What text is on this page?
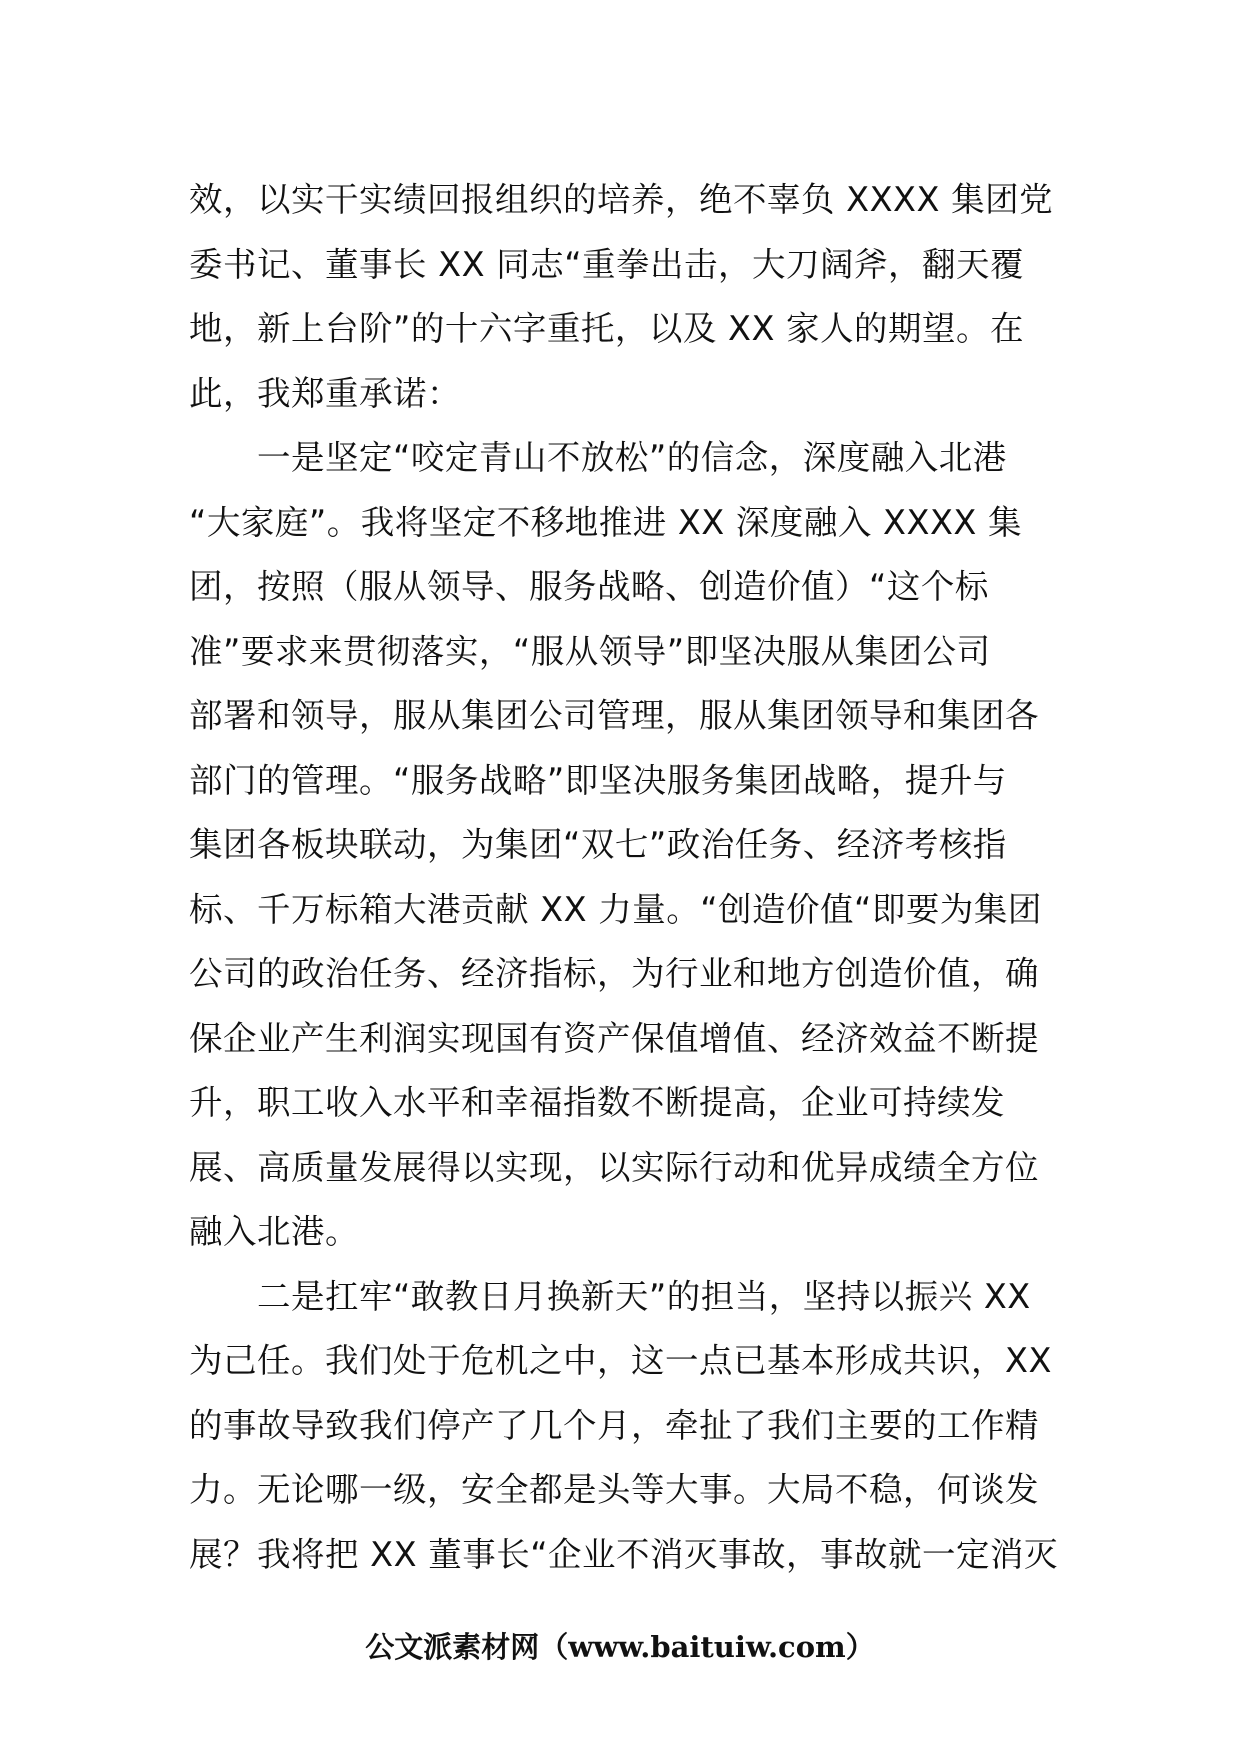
效，以实干实绩回报组织的培养，绝不辜负 XXXX 集团党
委书记、董事长 XX 同志“重拳出击，大刀阔斧，翻天覆
地，新上台阶”的十六字重托，以及 XX 家人的期望。在
此，我郑重承诺：
一是坚定“咬定青山不放松”的信念，深度融入北港
“大家庭”。我将坚定不移地推进 XX 深度融入 XXXX 集
团，按照（服从领导、服务战略、创造价值）“这个标
准”要求来贯彻落实，“服从领导”即坚决服从集团公司
部署和领导，服从集团公司管理，服从集团领导和集团各
部门的管理。“服务战略”即坚决服务集团战略，提升与
集团各板块联动，为集团“双七”政治任务、经济考核指
标、千万标箱大港贡献 XX 力量。“创造价值“即要为集团
公司的政治任务、经济指标，为行业和地方创造价值，确
保企业产生利润实现国有资产保值增值、经济效益不断提
升，职工收入水平和幸福指数不断提高，企业可持续发
展、高质量发展得以实现，以实际行动和优异成绩全方位
融入北港。
二是扛牢“敢教日月换新天”的担当，坚持以振兴 XX
为己任。我们处于危机之中，这一点已基本形成共识，XX
的事故导致我们停产了几个月，牵扯了我们主要的工作精
力。无论哪一级，安全都是头等大事。大局不稳，何谈发
展？我将把 XX 董事长“企业不消灭事故，事故就一定消灭
公文派素材网（www.baituiw.com）
